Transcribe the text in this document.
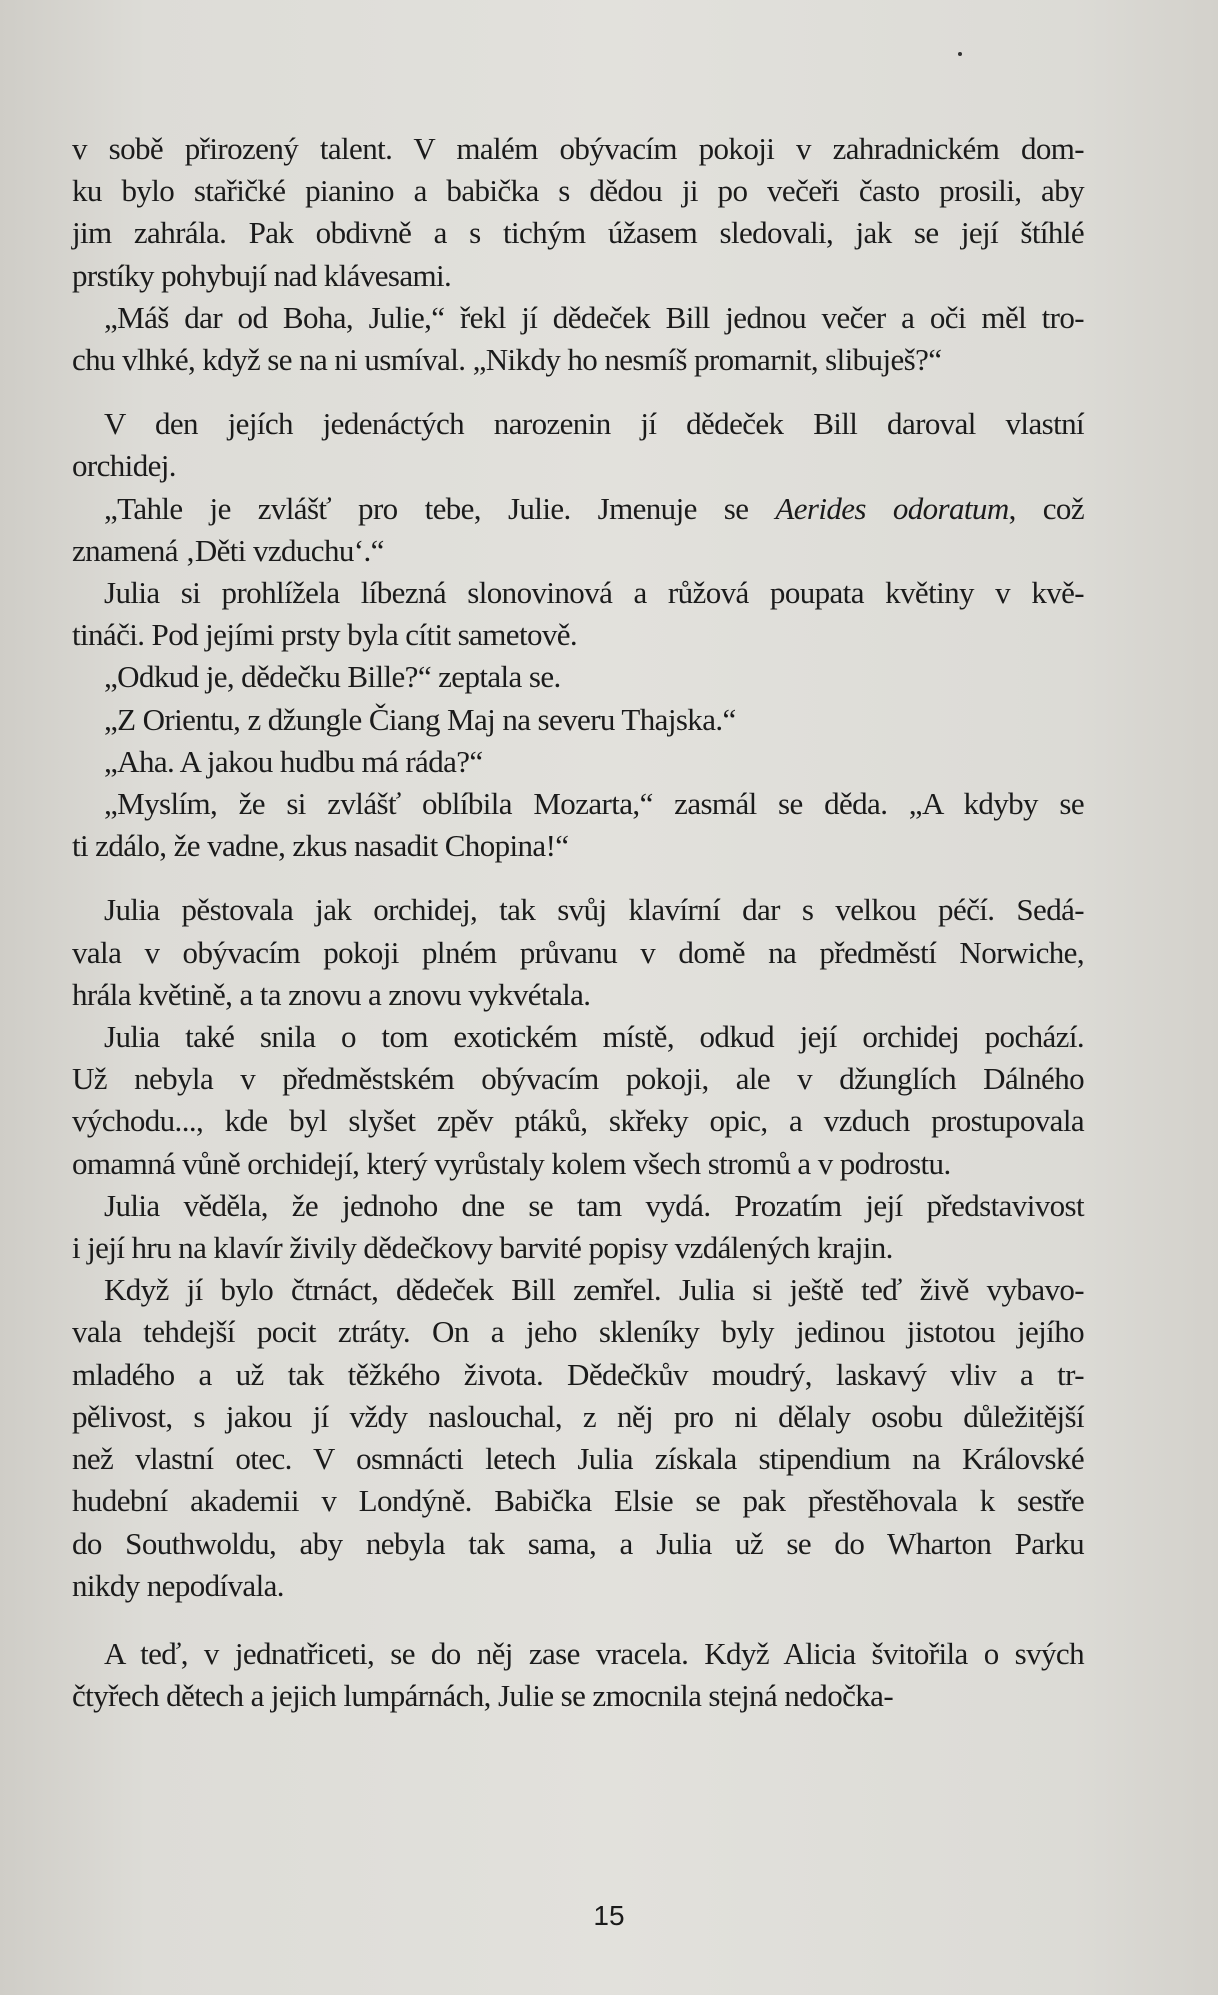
v sobě přirozený talent. V malém obývacím pokoji v zahradnickém dom-
ku bylo stařičké pianino a babička s dědou ji po večeři často prosili, aby
jim zahrála. Pak obdivně a s tichým úžasem sledovali, jak se její štíhlé
prstíky pohybují nad klávesami.
„Máš dar od Boha, Julie,“ řekl jí dědeček Bill jednou večer a oči měl tro-
chu vlhké, když se na ni usmíval. „Nikdy ho nesmíš promarnit, slibuješ?“
V den jejích jedenáctých narozenin jí dědeček Bill daroval vlastní
orchidej.
„Tahle je zvlášť pro tebe, Julie. Jmenuje se Aerides odoratum, což
znamená ‚Děti vzduchu‘.“
Julia si prohlížela líbezná slonovinová a růžová poupata květiny v kvě-
tináči. Pod jejími prsty byla cítit sametově.
„Odkud je, dědečku Bille?“ zeptala se.
„Z Orientu, z džungle Čiang Maj na severu Thajska.“
„Aha. A jakou hudbu má ráda?“
„Myslím, že si zvlášť oblíbila Mozarta,“ zasmál se děda. „A kdyby se
ti zdálo, že vadne, zkus nasadit Chopina!“
Julia pěstovala jak orchidej, tak svůj klavírní dar s velkou péčí. Sedá-
vala v obývacím pokoji plném průvanu v domě na předměstí Norwiche,
hrála květině, a ta znovu a znovu vykvétala.
Julia také snila o tom exotickém místě, odkud její orchidej pochází.
Už nebyla v předměstském obývacím pokoji, ale v džunglích Dálného
východu..., kde byl slyšet zpěv ptáků, skřeky opic, a vzduch prostupovala
omamná vůně orchidejí, který vyrůstaly kolem všech stromů a v podrostu.
Julia věděla, že jednoho dne se tam vydá. Prozatím její představivost
i její hru na klavír živily dědečkovy barvité popisy vzdálených krajin.
Když jí bylo čtrnáct, dědeček Bill zemřel. Julia si ještě teď živě vybavo-
vala tehdejší pocit ztráty. On a jeho skleníky byly jedinou jistotou jejího
mladého a už tak těžkého života. Dědečkův moudrý, laskavý vliv a tr-
pělivost, s jakou jí vždy naslouchal, z něj pro ni dělaly osobu důležitější
než vlastní otec. V osmnácti letech Julia získala stipendium na Královské
hudební akademii v Londýně. Babička Elsie se pak přestěhovala k sestře
do Southwoldu, aby nebyla tak sama, a Julia už se do Wharton Parku
nikdy nepodívala.
A teď, v jednatřiceti, se do něj zase vracela. Když Alicia švitořila o svých
čtyřech dětech a jejich lumpárnách, Julie se zmocnila stejná nedočka-
15
